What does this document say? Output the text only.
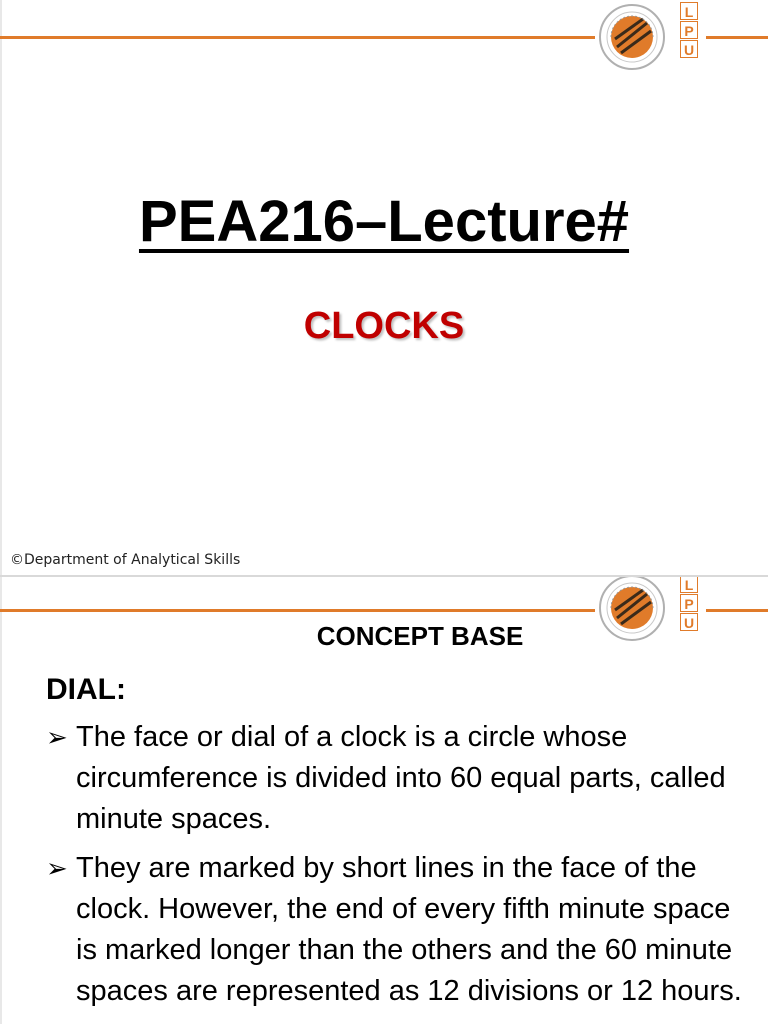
L
P
U
PEA216–Lecture#
CLOCKS
©Department of Analytical Skills
L
P
U
CONCEPT BASE
DIAL:
➢ The face or dial of a clock is a circle whose circumference is divided into 60 equal parts, called minute spaces.
➢ They are marked by short lines in the face of the clock. However, the end of every fifth minute space is marked longer than the others and the 60 minute spaces are represented as 12 divisions or 12 hours.
